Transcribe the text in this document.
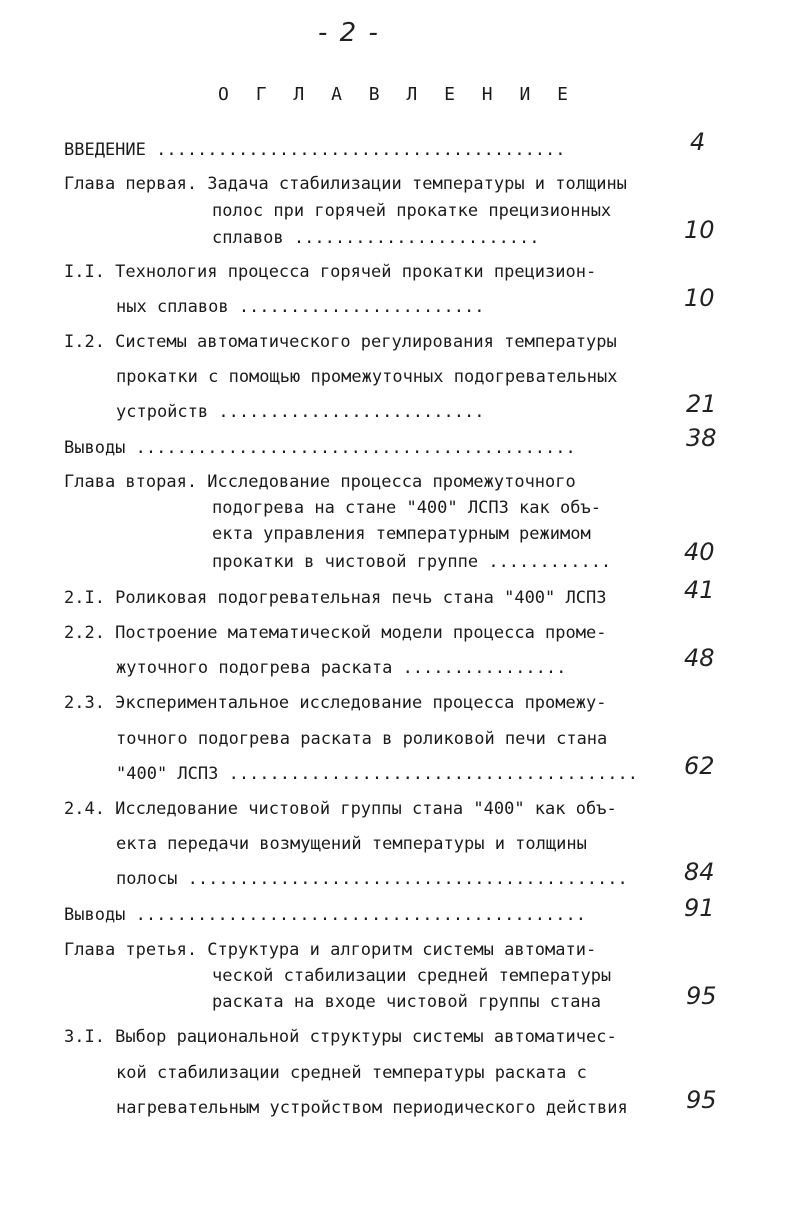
- 2 -
О Г Л А В Л Е Н И Е
ВВЕДЕНИЕ ........................................	4
Глава первая. Задача стабилизации температуры и толщины
полос при горячей прокатке прецизионных
сплавов ........................	10
I.I. Технология процесса горячей прокатки прецизион-
ных сплавов ........................	10
I.2. Системы автоматического регулирования температуры
прокатки с помощью промежуточных подогревательных
устройств ..........................	21
Выводы ...........................................	38
Глава вторая. Исследование процесса промежуточного
подогрева на стане "400" ЛСПЗ как объ-
екта управления температурным режимом
прокатки в чистовой группе ............	40
2.I. Роликовая подогревательная печь стана "400" ЛСПЗ	41
2.2. Построение математической модели процесса проме-
жуточного подогрева раската ................	48
2.3. Экспериментальное исследование процесса промежу-
точного подогрева раската в роликовой печи стана
"400" ЛСПЗ ........................................ 62
2.4. Исследование чистовой группы стана "400" как объ-
екта передачи возмущений температуры и толщины
полосы ........................................... 84
Выводы ............................................	91
Глава третья. Структура и алгоритм системы автомати-
ческой стабилизации средней температуры
раската на входе чистовой группы стана	95
3.I. Выбор рациональной структуры системы автоматичес-
кой стабилизации средней температуры раската с
нагревательным устройством периодического действия 95
